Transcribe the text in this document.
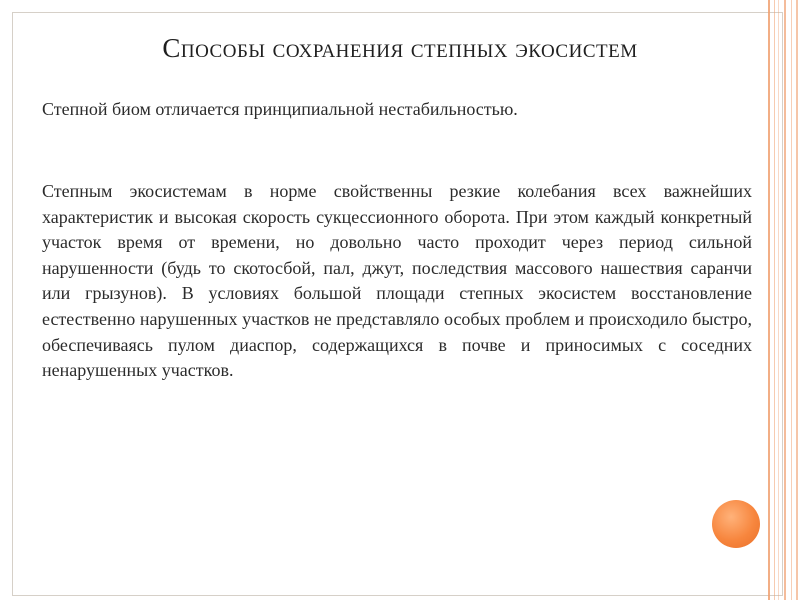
Способы сохранения степных экосистем
Степной биом отличается принципиальной нестабильностью.
Степным экосистемам в норме свойственны резкие колебания всех важнейших характеристик и высокая скорость сукцессионного оборота. При этом каждый конкретный участок время от времени, но довольно часто проходит через период сильной нарушенности (будь то скотосбой, пал, джут, последствия массового нашествия саранчи или грызунов). В условиях большой площади степных экосистем восстановление естественно нарушенных участков не представляло особых проблем и происходило быстро, обеспечиваясь пулом диаспор, содержащихся в почве и приносимых с соседних ненарушенных участков.
